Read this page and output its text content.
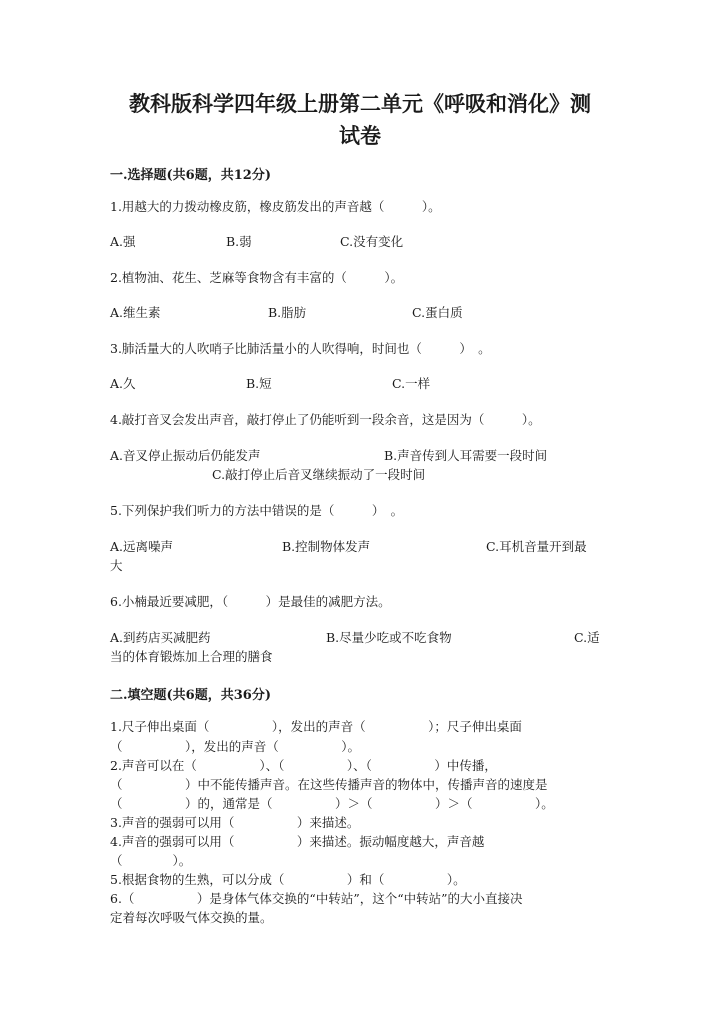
教科版科学四年级上册第二单元《呼吸和消化》测
试卷
一.选择题(共6题，共12分)
1.用越大的力拨动橡皮筋，橡皮筋发出的声音越（　　　）。
A.强	B.弱	C.没有变化
2.植物油、花生、芝麻等食物含有丰富的（　　　）。
A.维生素	B.脂肪	C.蛋白质
3.肺活量大的人吹哨子比肺活量小的人吹得响，时间也（　　　）　。
A.久	B.短	C.一样
4.敲打音叉会发出声音，敲打停止了仍能听到一段余音，这是因为（　　　）。
A.音叉停止振动后仍能发声	B.声音传到人耳需要一段时间
C.敲打停止后音叉继续振动了一段时间
5.下列保护我们听力的方法中错误的是（　　　）　。
A.远离噪声	B.控制物体发声	C.耳机音量开到最
大
6.小楠最近要减肥，（　　　）是最佳的减肥方法。
A.到药店买减肥药	B.尽量少吃或不吃食物	C.适
当的体育锻炼加上合理的膳食
二.填空题(共6题，共36分)
1.尺子伸出桌面（　　　　　），发出的声音（　　　　　）；尺子伸出桌面
（　　　　　），发出的声音（　　　　　）。
2.声音可以在（　　　　　）、（　　　　　）、（　　　　　）中传播，
（　　　　　）中不能传播声音。在这些传播声音的物体中，传播声音的速度是
（　　　　　）的，通常是（　　　　　）＞（　　　　　）＞（　　　　　）。
3.声音的强弱可以用（　　　　　）来描述。
4.声音的强弱可以用（　　　　　）来描述。振动幅度越大，声音越
（　　　　）。
5.根据食物的生熟，可以分成（　　　　　）和（　　　　　）。
6.（　　　　　）是身体气体交换的“中转站”，这个“中转站”的大小直接决
定着每次呼吸气体交换的量。
